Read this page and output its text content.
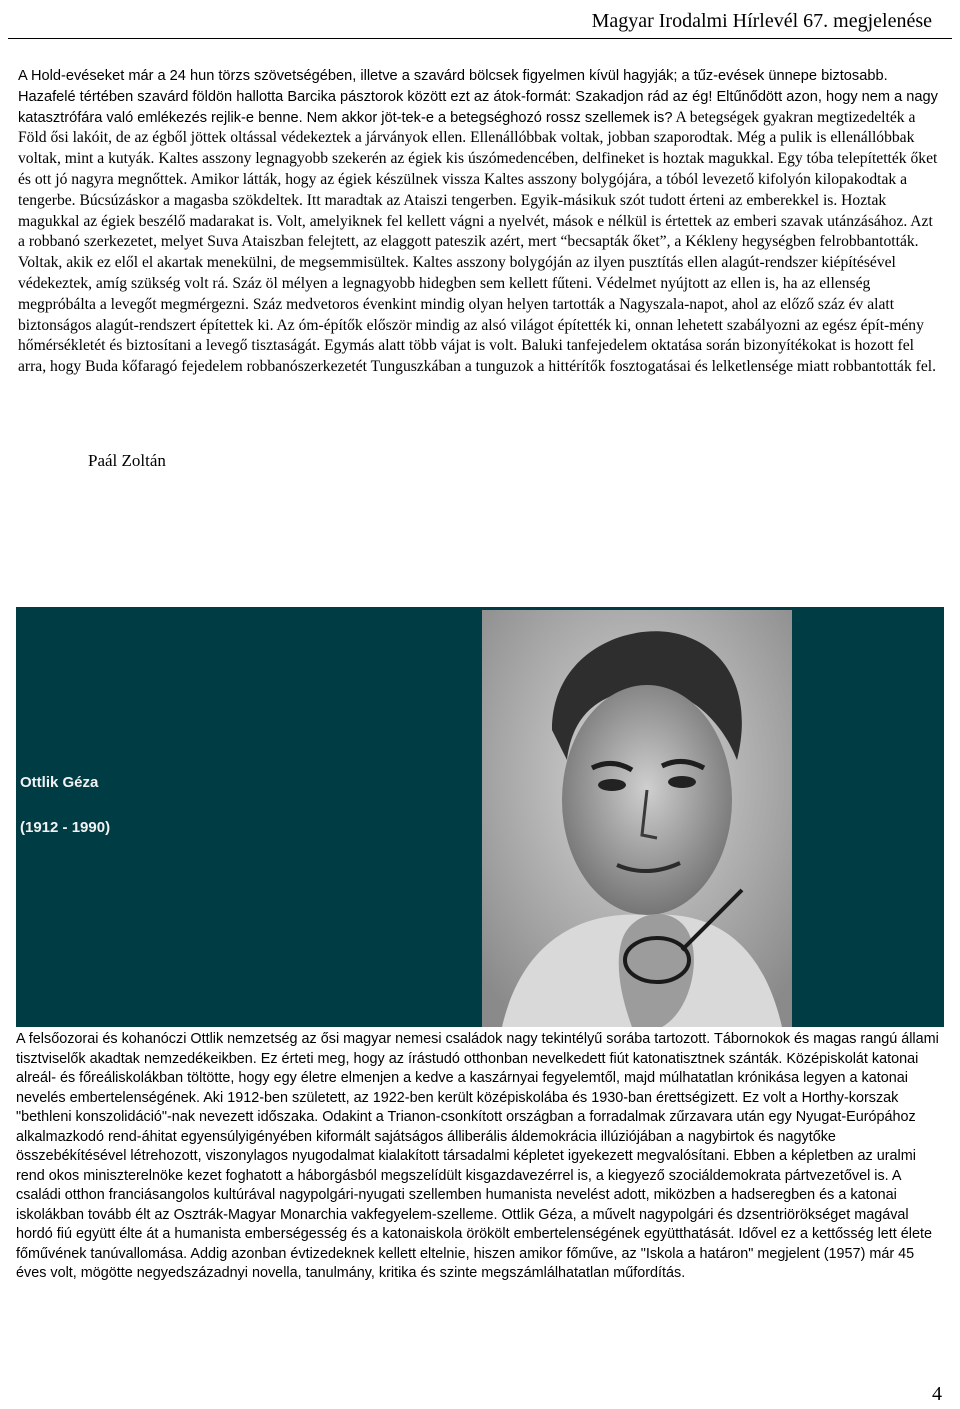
Magyar Irodalmi Hírlevél 67. megjelenése

A Hold-evéseket már a 24 hun törzs szövetségében, illetve a szavárd bölcsek figyelmen kívül hagyják; a tűz-evések ünnepe biztosabb. Hazafelé tértében szavárd földön hallotta Barcika pásztorok között ezt az átok-formát: Szakadjon rád az ég! Eltűnődött azon, hogy nem a nagy katasztrófára való emlékezés rejlik-e benne. Nem akkor jöt-tek-e a betegséghozó rossz szellemek is? A betegségek gyakran megtizedelték a Föld ősi lakóit, de az égből jöttek oltással védekeztek a járványok ellen. Ellenállóbbak voltak, jobban szaporodtak. Még a pulik is ellenállóbbak voltak, mint a kutyák. Kaltes asszony legnagyobb szekerén az égiek kis úszómedencében, delfineket is hoztak magukkal. Egy tóba telepítették őket és ott jó nagyra megnőttek. Amikor látták, hogy az égiek készülnek vissza Kaltes asszony bolygójára, a tóból levezető kifolyón kilopakodtak a tengerbe. Búcsúzáskor a magasba szökdeltek. Itt maradtak az Ataiszi tengerben. Egyik-másikuk szót tudott érteni az emberekkel is. Hoztak magukkal az égiek beszélő madarakat is. Volt, amelyiknek fel kellett vágni a nyelvét, mások e nélkül is értettek az emberi szavak utánzásához. Azt a robbanó szerkezetet, melyet Suva Ataiszban felejtett, az elaggott pateszik azért, mert “becsapták őket”, a Kékleny hegységben felrobbantották. Voltak, akik ez elől el akartak menekülni, de megsemmisültek. Kaltes asszony bolygóján az ilyen pusztítás ellen alagút-rendszer kiépítésével védekeztek, amíg szükség volt rá. Száz öl mélyen a legnagyobb hidegben sem kellett fűteni. Védelmet nyújtott az ellen is, ha az ellenség megpróbálta a levegőt megmérgezni. Száz medvetoros évenkint mindig olyan helyen tartották a Nagyszala-napot, ahol az előző száz év alatt biztonságos alagút-rendszert építettek ki. Az óm-építők először mindig az alsó világot építették ki, onnan lehetett szabályozni az egész épít-mény hőmérsékletét és biztosítani a levegő tisztaságát. Egymás alatt több vájat is volt. Baluki tanfejedelem oktatása során bizonyítékokat is hozott fel arra, hogy Buda kőfaragó fejedelem robbanószerkezetét Tunguszkában a tunguzok a hittérítők fosztogatásai és lelketlensége miatt robbantották fel.

Paál Zoltán
Ottlik Géza
(1912 - 1990)

A felsőozorai és kohanóczi Ottlik nemzetség az ősi magyar nemesi családok nagy tekintélyű sorába tartozott. Tábornokok és magas rangú állami tisztviselők akadtak nemzedékeikben. Ez érteti meg, hogy az írástudó otthonban nevelkedett fiút katonatisztnek szánták. Középiskolát katonai alreál- és főreáliskolákban töltötte, hogy egy életre elmenjen a kedve a kaszárnyai fegyelemtől, majd múlhatatlan krónikása legyen a katonai nevelés embertelenségének. Aki 1912-ben született, az 1922-ben került középiskolába és 1930-ban érettségizett. Ez volt a Horthy-korszak "bethleni konszolidáció"-nak nevezett időszaka. Odakint a Trianon-csonkított országban a forradalmak zűrzavara után egy Nyugat-Európához alkalmazkodó rend-áhitat egyensúlyigényében kiformált sajátságos álliberális áldemokrácia illúziójában a nagybirtok és nagytőke összebékítésével létrehozott, viszonylagos nyugodalmat kialakított társadalmi képletet igyekezett megvalósítani. Ebben a képletben az uralmi rend okos miniszterelnöke kezet foghatott a háborgásból megszelídült kisgazdavezérrel is, a kiegyező szociáldemokrata pártvezetővel is. A családi otthon franciásangolos kultúrával nagypolgári-nyugati szellemben humanista nevelést adott, miközben a hadseregben és a katonai iskolákban tovább élt az Osztrák-Magyar Monarchia vakfegyelem-szelleme. Ottlik Géza, a művelt nagypolgári és dzsentriörökséget magával hordó fiú együtt élte át a humanista emberségesség és a katonaiskola örökölt embertelenségének együtthatását. Idővel ez a kettősség lett élete főművének tanúvallomása. Addig azonban évtizedeknek kellett eltelnie, hiszen amikor főműve, az "Iskola a határon" megjelent (1957) már 45 éves volt, mögötte negyedszázadnyi novella, tanulmány, kritika és szinte megszámlálhatatlan műfordítás.

4
